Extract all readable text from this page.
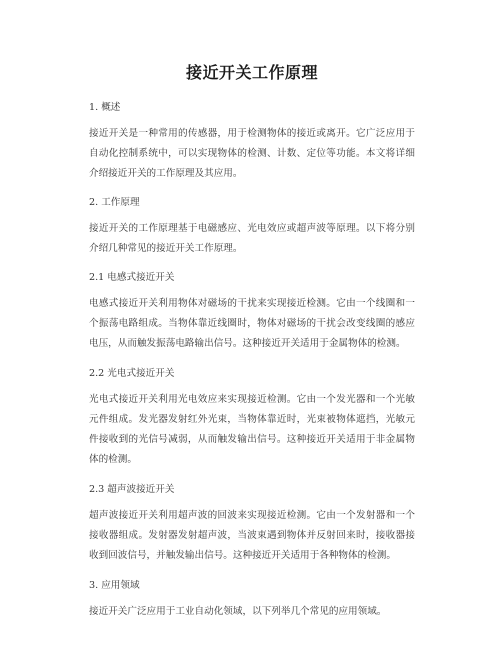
接近开关工作原理
1. 概述

接近开关是一种常用的传感器，用于检测物体的接近或离开。它广泛应用于自动化控制系统中，可以实现物体的检测、计数、定位等功能。本文将详细介绍接近开关的工作原理及其应用。

2. 工作原理

接近开关的工作原理基于电磁感应、光电效应或超声波等原理。以下将分别介绍几种常见的接近开关工作原理。

2.1 电感式接近开关

电感式接近开关利用物体对磁场的干扰来实现接近检测。它由一个线圈和一个振荡电路组成。当物体靠近线圈时，物体对磁场的干扰会改变线圈的感应电压，从而触发振荡电路输出信号。这种接近开关适用于金属物体的检测。

2.2 光电式接近开关

光电式接近开关利用光电效应来实现接近检测。它由一个发光器和一个光敏元件组成。发光器发射红外光束，当物体靠近时，光束被物体遮挡，光敏元件接收到的光信号减弱，从而触发输出信号。这种接近开关适用于非金属物体的检测。

2.3 超声波接近开关

超声波接近开关利用超声波的回波来实现接近检测。它由一个发射器和一个接收器组成。发射器发射超声波，当波束遇到物体并反射回来时，接收器接收到回波信号，并触发输出信号。这种接近开关适用于各种物体的检测。

3. 应用领域

接近开关广泛应用于工业自动化领域，以下列举几个常见的应用领域。
